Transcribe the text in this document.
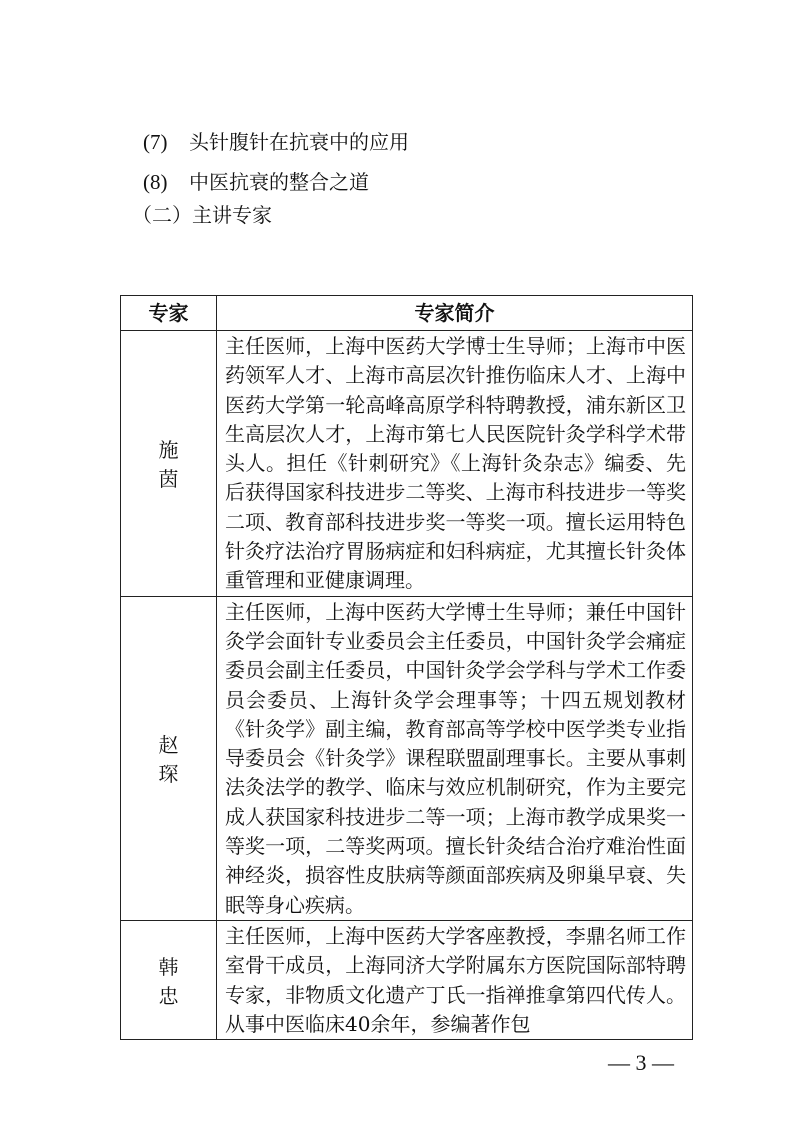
(7) 头针腹针在抗衰中的应用
(8) 中医抗衰的整合之道
（二）主讲专家
专家	专家简介
施茵	主任医师，上海中医药大学博士生导师；上海市中医药领军人才、上海市高层次针推伤临床人才、上海中医药大学第一轮高峰高原学科特聘教授，浦东新区卫生高层次人才，上海市第七人民医院针灸学科学术带头人。担任《针刺研究》《上海针灸杂志》编委、先后获得国家科技进步二等奖、上海市科技进步一等奖二项、教育部科技进步奖一等奖一项。擅长运用特色针灸疗法治疗胃肠病症和妇科病症，尤其擅长针灸体重管理和亚健康调理。
赵琛	主任医师，上海中医药大学博士生导师；兼任中国针灸学会面针专业委员会主任委员，中国针灸学会痛症委员会副主任委员，中国针灸学会学科与学术工作委员会委员、上海针灸学会理事等；十四五规划教材《针灸学》副主编，教育部高等学校中医学类专业指导委员会《针灸学》课程联盟副理事长。主要从事刺法灸法学的教学、临床与效应机制研究，作为主要完成人获国家科技进步二等一项；上海市教学成果奖一等奖一项，二等奖两项。擅长针灸结合治疗难治性面神经炎，损容性皮肤病等颜面部疾病及卵巢早衰、失眠等身心疾病。
韩忠	主任医师，上海中医药大学客座教授，李鼎名师工作室骨干成员，上海同济大学附属东方医院国际部特聘专家，非物质文化遗产丁氏一指禅推拿第四代传人。从事中医临床40余年，参编著作包
— 3 —
